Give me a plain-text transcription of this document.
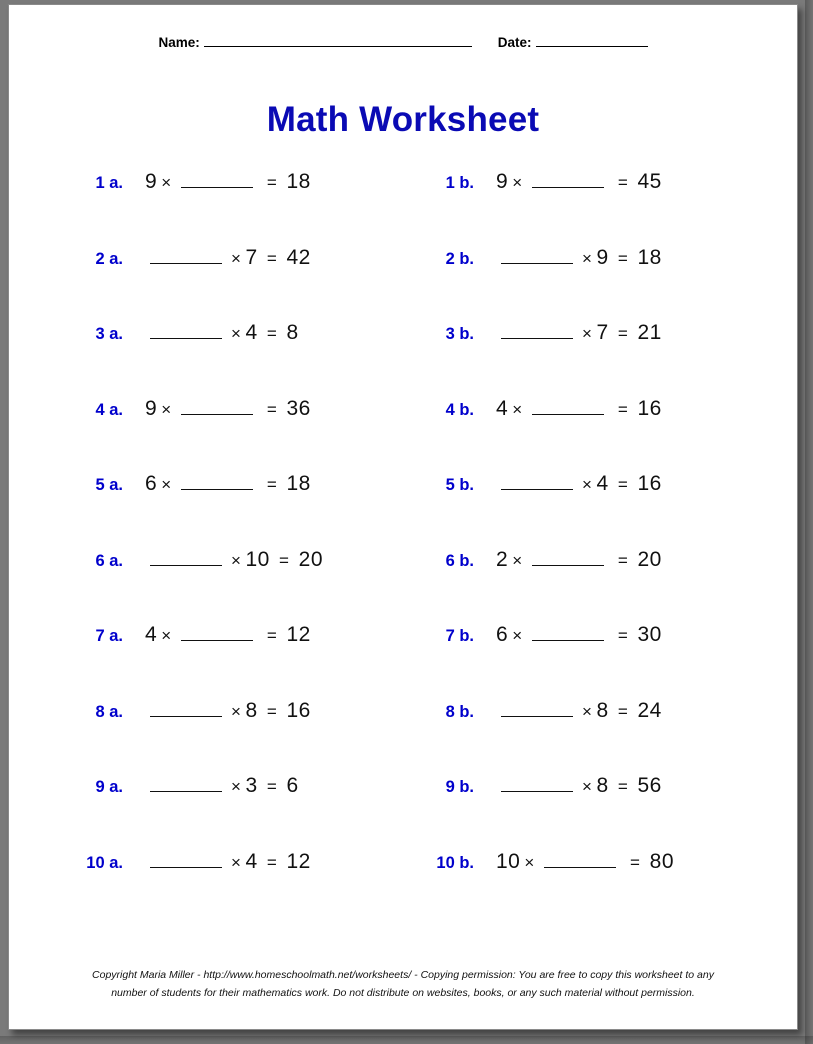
Name:	Date:
Math Worksheet
1 a.	9 ×	= 18	1 b.	9 ×	= 45
2 a.	× 7 = 42	2 b.	× 9 = 18
3 a.	× 4 = 8	3 b.	× 7 = 21
4 a.	9 ×	= 36	4 b.	4 ×	= 16
5 a.	6 ×	= 18	5 b.	× 4 = 16
6 a.	× 10 = 20	6 b.	2 ×	= 20
7 a.	4 ×	= 12	7 b.	6 ×	= 30
8 a.	× 8 = 16	8 b.	× 8 = 24
9 a.	× 3 = 6	9 b.	× 8 = 56
10 a.	× 4 = 12	10 b.	10 ×	= 80
Copyright Maria Miller - http://www.homeschoolmath.net/worksheets/ - Copying permission: You are free to copy this worksheet to any
number of students for their mathematics work. Do not distribute on websites, books, or any such material without permission.
